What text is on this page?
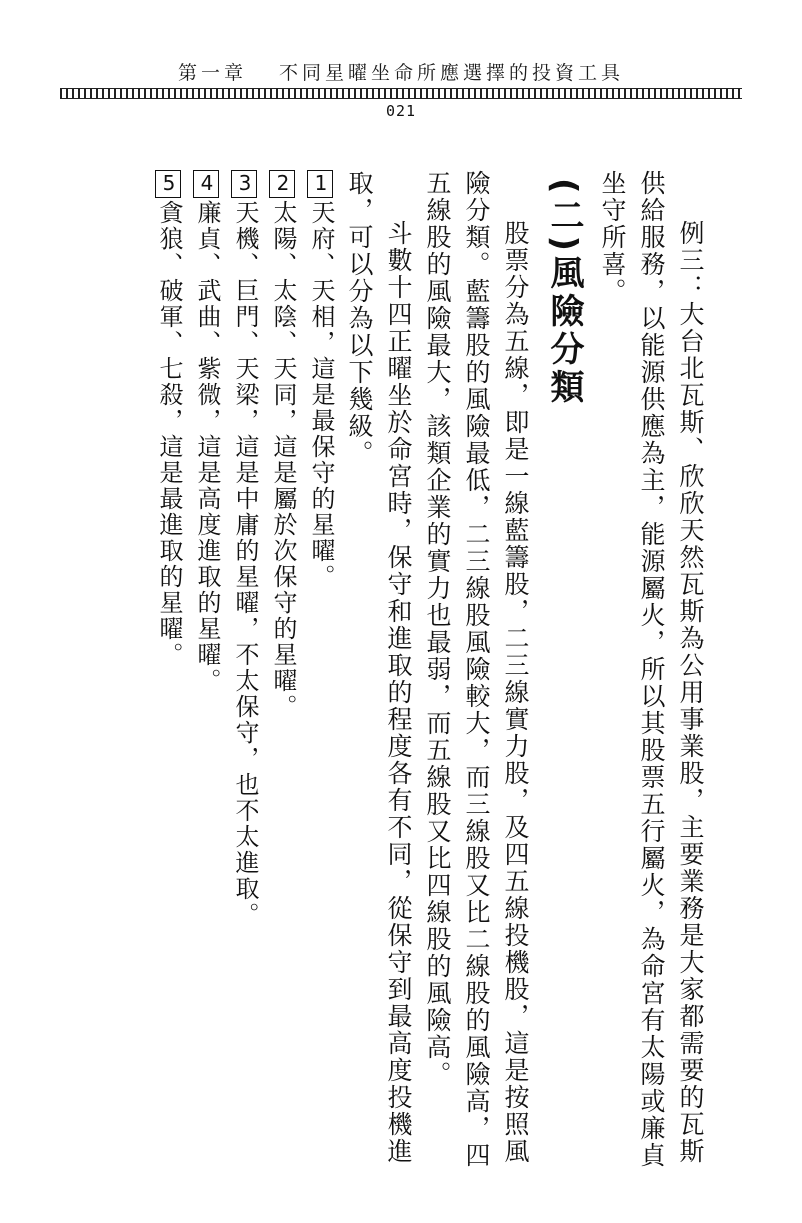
第一章 不同星曜坐命所應選擇的投資工具
021
例三：大台北瓦斯、欣欣天然瓦斯為公用事業股，主要業務是大家都需要的瓦斯供給服務，以能源供應為主，能源屬火，所以其股票五行屬火，為命宮有太陽或廉貞坐守所喜。
(二)風險分類
股票分為五線，即是一線藍籌股，二三線實力股，及四五線投機股，這是按照風險分類。藍籌股的風險最低，二三線股風險較大，而三線股又比二線股的風險高，四五線股的風險最大，該類企業的實力也最弱，而五線股又比四線股的風險高。
斗數十四正曜坐於命宮時，保守和進取的程度各有不同，從保守到最高度投機進取，可以分為以下幾級。
1天府、天相，這是最保守的星曜。
2太陽、太陰、天同，這是屬於次保守的星曜。
3天機、巨門、天梁，這是中庸的星曜，不太保守，也不太進取。
4廉貞、武曲、紫微，這是高度進取的星曜。
5貪狼、破軍、七殺，這是最進取的星曜。
